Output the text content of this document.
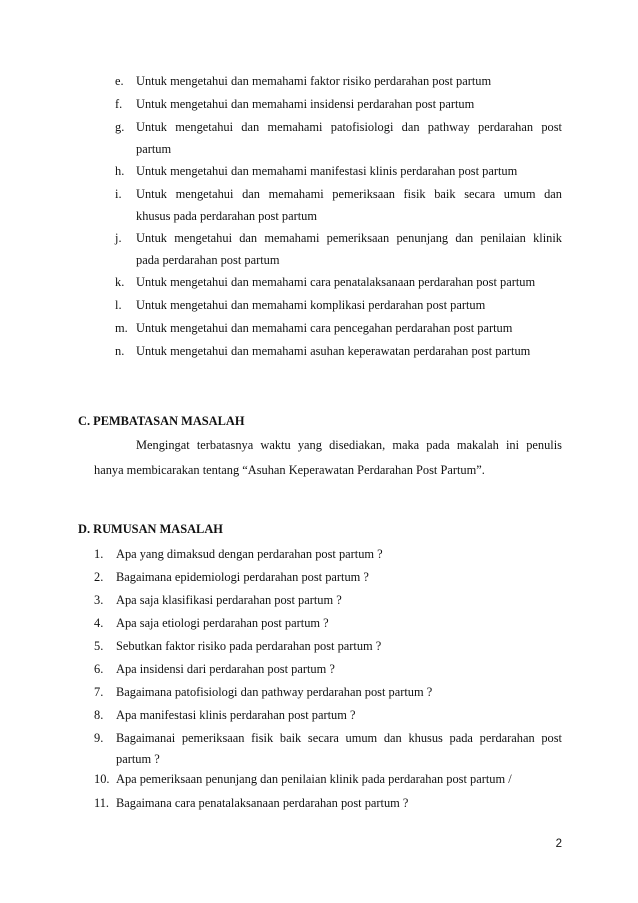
e. Untuk mengetahui dan memahami faktor risiko perdarahan post partum

f. Untuk mengetahui dan memahami insidensi perdarahan post partum

g. Untuk mengetahui dan memahami patofisiologi dan pathway perdarahan post

partum

h. Untuk mengetahui dan memahami manifestasi klinis perdarahan post partum

i. Untuk mengetahui dan memahami pemeriksaan fisik baik secara umum dan

khusus pada perdarahan post partum

j. Untuk mengetahui dan memahami pemeriksaan penunjang dan penilaian klinik

pada perdarahan post partum

k. Untuk mengetahui dan memahami cara penatalaksanaan perdarahan post partum

l. Untuk mengetahui dan memahami komplikasi perdarahan post partum

m. Untuk mengetahui dan memahami cara pencegahan perdarahan post partum

n. Untuk mengetahui dan memahami asuhan keperawatan perdarahan post partum

C. PEMBATASAN MASALAH

Mengingat terbatasnya waktu yang disediakan, maka pada makalah ini penulis

hanya membicarakan tentang “Asuhan Keperawatan Perdarahan Post Partum”.

D. RUMUSAN MASALAH

1. Apa yang dimaksud dengan perdarahan post partum ?

2. Bagaimana epidemiologi perdarahan post partum ?

3. Apa saja klasifikasi perdarahan post partum ?

4. Apa saja etiologi perdarahan post partum ?

5. Sebutkan faktor risiko pada perdarahan post partum ?

6. Apa insidensi dari perdarahan post partum ?

7. Bagaimana patofisiologi dan pathway perdarahan post partum ?

8. Apa manifestasi klinis perdarahan post partum ?

9. Bagaimanai pemeriksaan fisik baik secara umum dan khusus pada perdarahan post

partum ?

10. Apa pemeriksaan penunjang dan penilaian klinik pada perdarahan post partum /

11. Bagaimana cara penatalaksanaan perdarahan post partum ?

2
